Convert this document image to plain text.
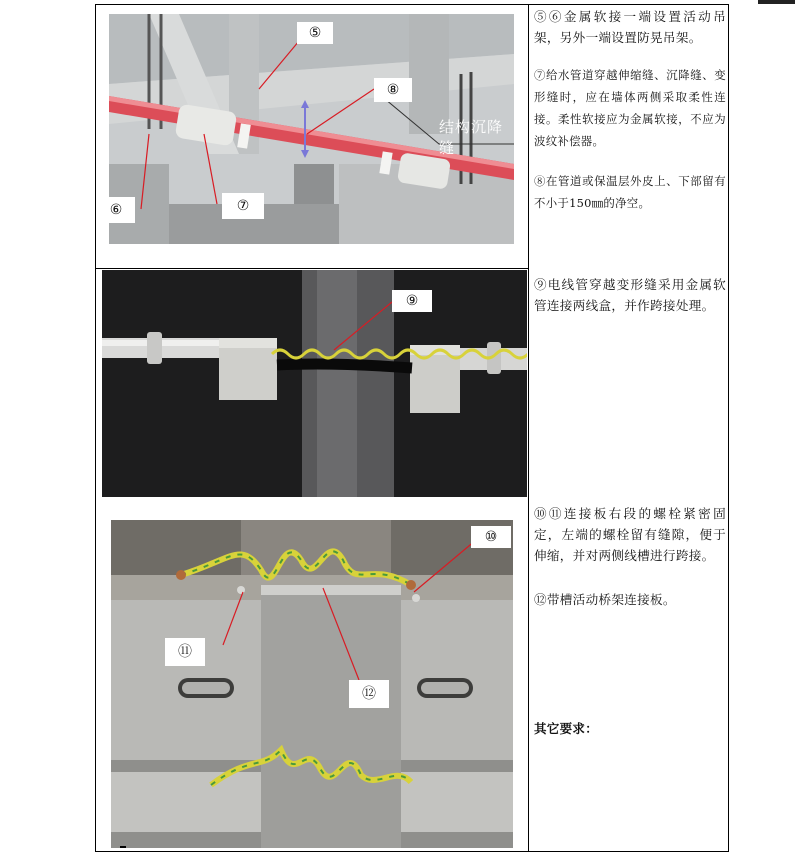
⑤
⑧
⑦
结构沉降缝
⑥
⑨
⑩
⑪
⑫

⑤⑥金属软接一端设置活动吊架，另外一端设置防晃吊架。

⑦给水管道穿越伸缩缝、沉降缝、变形缝时，应在墙体两侧采取柔性连接。柔性软接应为金属软接，不应为波纹补偿器。

⑧在管道或保温层外皮上、下部留有不小于150㎜的净空。

⑨电线管穿越变形缝采用金属软管连接两线盒，并作跨接处理。

⑩⑪连接板右段的螺栓紧密固定，左端的螺栓留有缝隙，便于伸缩，并对两侧线槽进行跨接。

⑫带槽活动桥架连接板。

其它要求：
